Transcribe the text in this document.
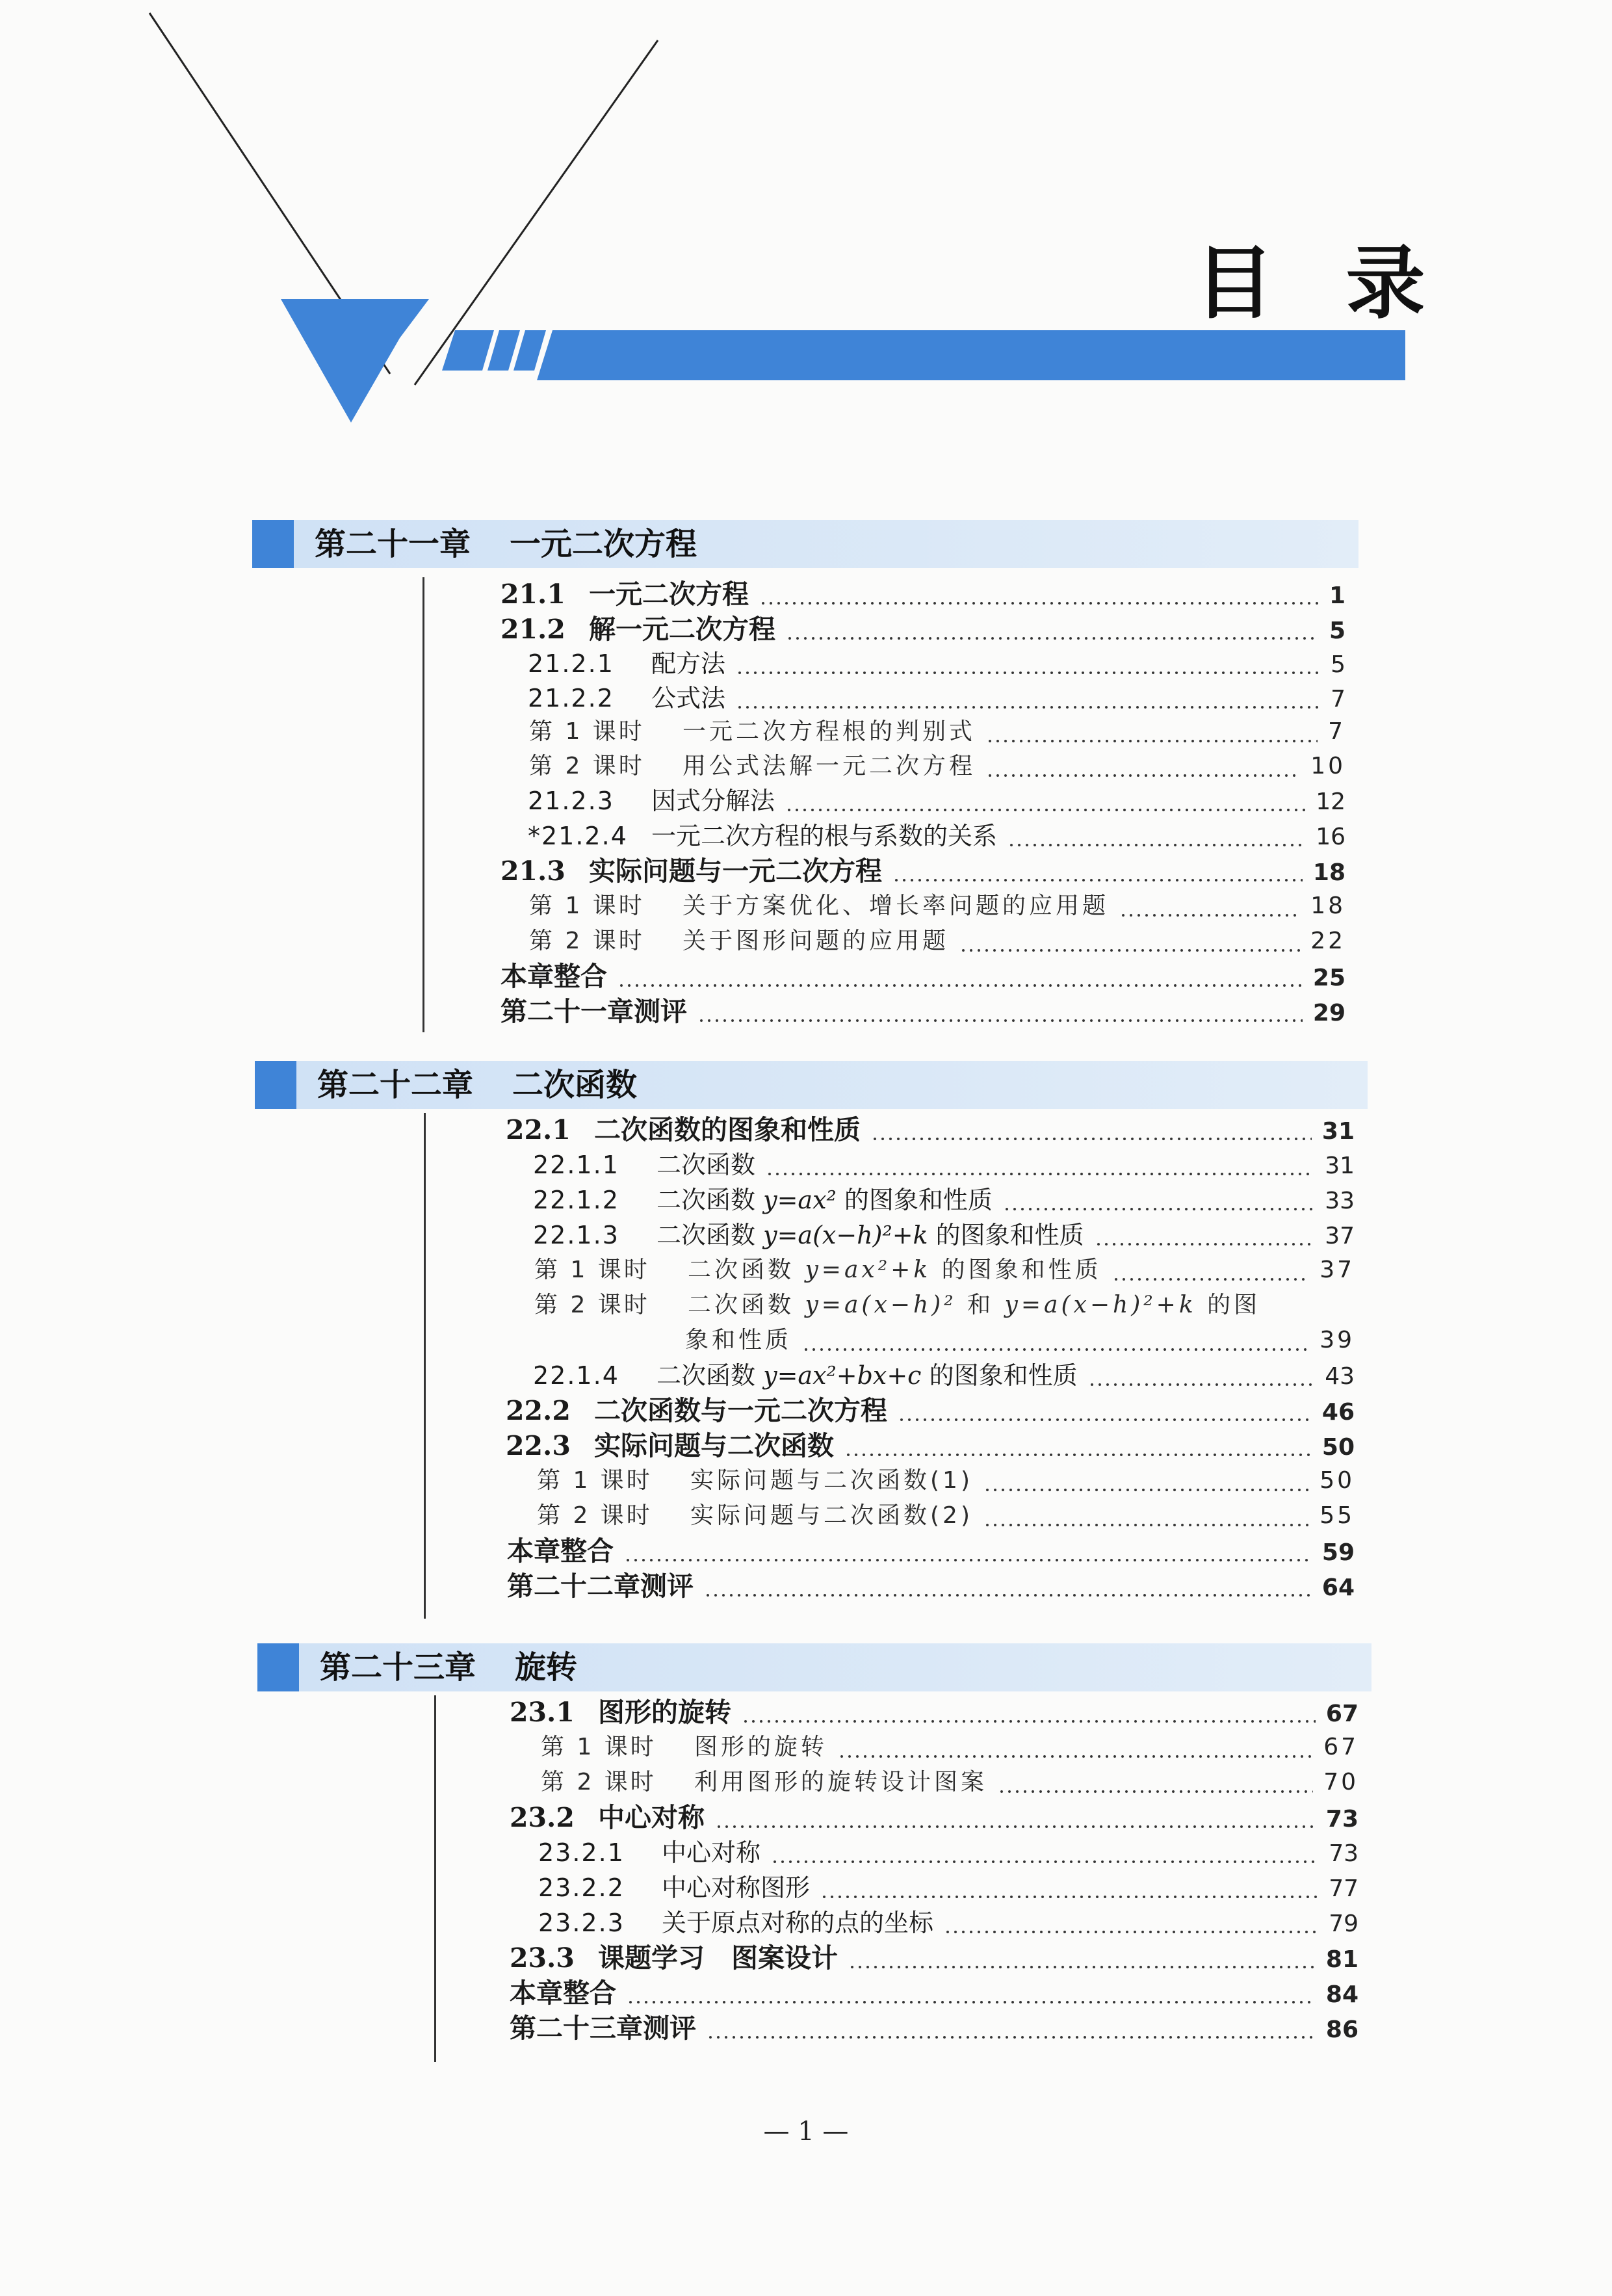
目 录
第二十一章 一元二次方程
21.1 一元二次方程	1
21.2 解一元二次方程	5
21.2.1	配方法	5
21.2.2	公式法	7
第 1 课时	一元二次方程根的判别式	7
第 2 课时	用公式法解一元二次方程	10
21.2.3	因式分解法	12
*21.2.4 一元二次方程的根与系数的关系	16
21.3 实际问题与一元二次方程	18
第 1 课时	关于方案优化、增长率问题的应用题	18
第 2 课时	关于图形问题的应用题	22
本章整合	25
第二十一章测评	29
第二十二章 二次函数
22.1 二次函数的图象和性质	31
22.1.1	二次函数	31
22.1.2	二次函数 y=ax² 的图象和性质	33
22.1.3	二次函数 y=a(x−h)²+k 的图象和性质	37
第 1 课时	二次函数 y=ax²+k 的图象和性质	37
第 2 课时	二次函数 y=a(x−h)² 和 y=a(x−h)²+k 的图
象和性质	39
22.1.4	二次函数 y=ax²+bx+c 的图象和性质	43
22.2 二次函数与一元二次方程	46
22.3 实际问题与二次函数	50
第 1 课时	实际问题与二次函数(1)	50
第 2 课时	实际问题与二次函数(2)	55
本章整合	59
第二十二章测评	64
第二十三章 旋转
23.1 图形的旋转	67
第 1 课时	图形的旋转	67
第 2 课时	利用图形的旋转设计图案	70
23.2 中心对称	73
23.2.1	中心对称	73
23.2.2	中心对称图形	77
23.2.3	关于原点对称的点的坐标	79
23.3 课题学习　图案设计	81
本章整合	84
第二十三章测评	86
— 1 —
